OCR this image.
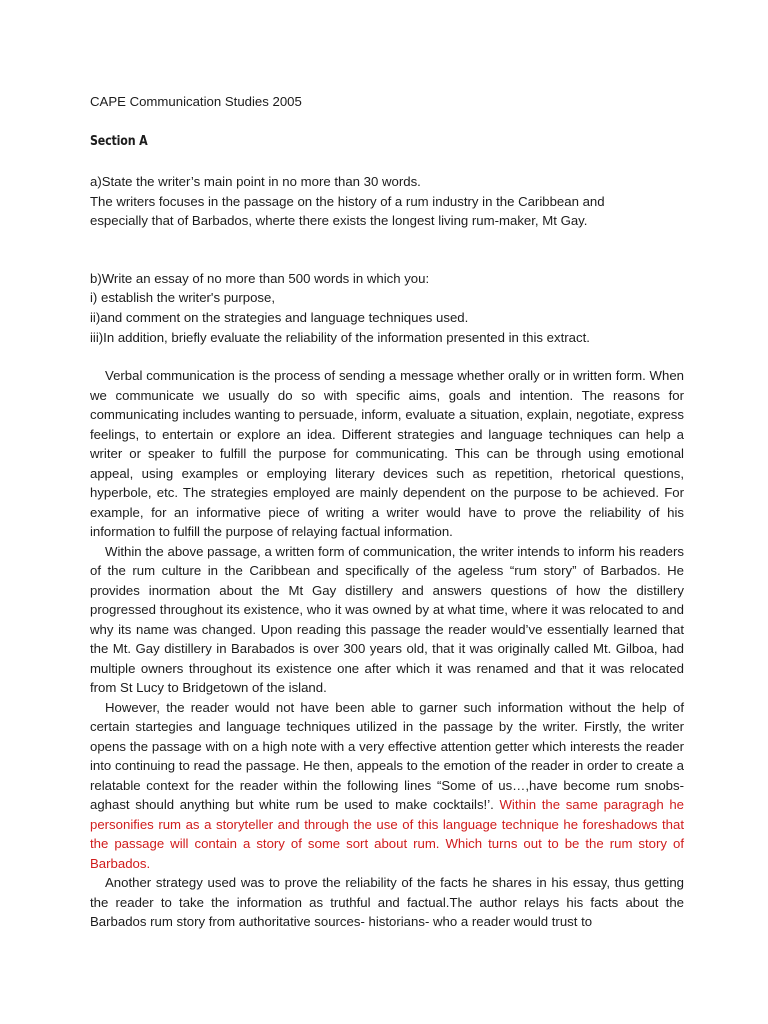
CAPE Communication Studies 2005

Section A
a)State the writer’s main point in no more than 30 words.
The writers focuses in the passage on the history of a rum industry in the Caribbean and
especially that of Barbados, wherte there exists the longest living rum-maker, Mt Gay.
b)Write an essay of no more than 500 words in which you:
i) establish the writer's purpose,
ii)and comment on the strategies and language techniques used.
iii)In addition, briefly evaluate the reliability of the information presented in this extract.

Verbal communication is the process of sending a message whether orally or in written form. When we communicate we usually do so with specific aims, goals and intention. The reasons for communicating includes wanting to persuade, inform, evaluate a situation, explain, negotiate, express feelings, to entertain or explore an idea. Different strategies and language techniques can help a writer or speaker to fulfill the purpose for communicating. This can be through using emotional appeal, using examples or employing literary devices such as repetition, rhetorical questions, hyperbole, etc. The strategies employed are mainly dependent on the purpose to be achieved. For example, for an informative piece of writing a writer would have to prove the reliability of his information to fulfill the purpose of relaying factual information.

Within the above passage, a written form of communication, the writer intends to inform his readers of the rum culture in the Caribbean and specifically of the ageless “rum story” of Barbados. He provides inormation about the Mt Gay distillery and answers questions of how the distillery progressed throughout its existence, who it was owned by at what time, where it was relocated to and why its name was changed. Upon reading this passage the reader would’ve essentially learned that the Mt. Gay distillery in Barabados is over 300 years old, that it was originally called Mt. Gilboa, had multiple owners throughout its existence one after which it was renamed and that it was relocated from St Lucy to Bridgetown of the island.

However, the reader would not have been able to garner such information without the help of certain startegies and language techniques utilized in the passage by the writer. Firstly, the writer opens the passage with on a high note with a very effective attention getter which interests the reader into continuing to read the passage. He then, appeals to the emotion of the reader in order to create a relatable context for the reader within the following lines “Some of us…,have become rum snobs- aghast should anything but white rum be used to make cocktails!’. Within the same paragragh he personifies rum as a storyteller and through the use of this language technique he foreshadows that the passage will contain a story of some sort about rum. Which turns out to be the rum story of Barbados.

Another strategy used was to prove the reliability of the facts he shares in his essay, thus getting the reader to take the information as truthful and factual.The author relays his facts about the Barbados rum story from authoritative sources- historians- who a reader would trust to
